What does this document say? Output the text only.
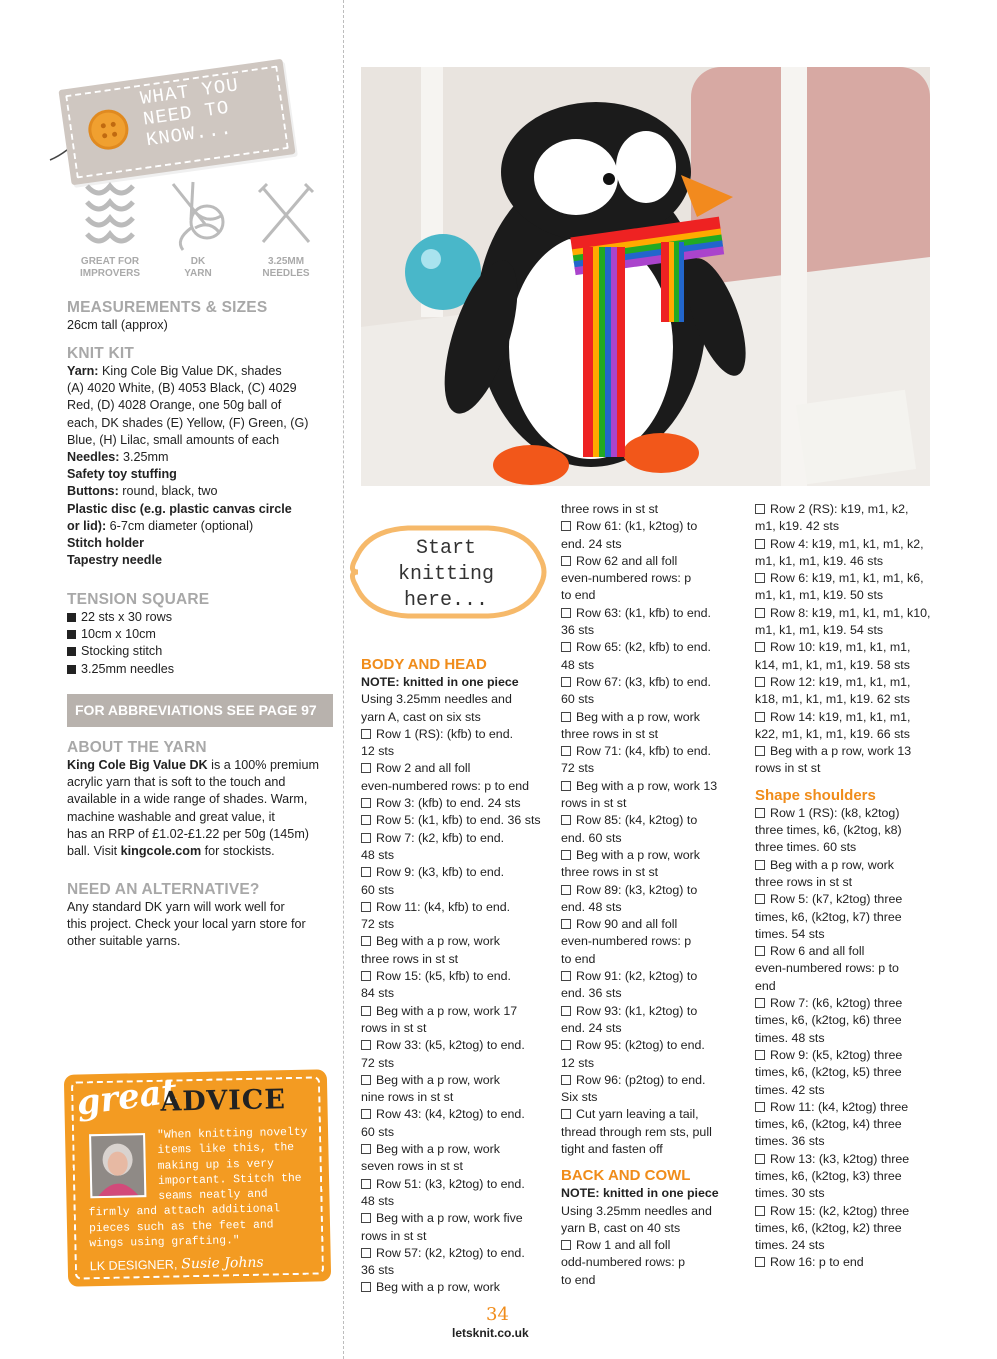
WHAT YOU
NEED TO
KNOW...
GREAT FOR
IMPROVERS
DK
YARN
3.25MM
NEEDLES
MEASUREMENTS & SIZES
26cm tall (approx)
KNIT KIT
Yarn: King Cole Big Value DK, shades
(A) 4020 White, (B) 4053 Black, (C) 4029
Red, (D) 4028 Orange, one 50g ball of
each, DK shades (E) Yellow, (F) Green, (G)
Blue, (H) Lilac, small amounts of each
Needles: 3.25mm
Safety toy stuffing
Buttons: round, black, two
Plastic disc (e.g. plastic canvas circle
or lid): 6-7cm diameter (optional)
Stitch holder
Tapestry needle
TENSION SQUARE
22 sts x 30 rows
10cm x 10cm
Stocking stitch
3.25mm needles
FOR ABBREVIATIONS SEE PAGE 97
ABOUT THE YARN
King Cole Big Value DK is a 100% premium
acrylic yarn that is soft to the touch and
available in a wide range of shades. Warm,
machine washable and great value, it
has an RRP of £1.02-£1.22 per 50g (145m)
ball. Visit kingcole.com for stockists.
NEED AN ALTERNATIVE?
Any standard DK yarn will work well for
this project. Check your local yarn store for
other suitable yarns.
great
ADVICE
"When knitting novelty
items like this, the
making up is very
important. Stitch the
seams neatly and
firmly and attach additional
pieces such as the feet and
wings using grafting."
LK DESIGNER, Susie Johns
Start
knitting
here...
BODY AND HEAD
NOTE: knitted in one piece
Using 3.25mm needles and
yarn A, cast on six sts
Row 1 (RS): (kfb) to end.
12 sts
Row 2 and all foll
even-numbered rows: p to end
Row 3: (kfb) to end. 24 sts
Row 5: (k1, kfb) to end. 36 sts
Row 7: (k2, kfb) to end.
48 sts
Row 9: (k3, kfb) to end.
60 sts
Row 11: (k4, kfb) to end.
72 sts
Beg with a p row, work
three rows in st st
Row 15: (k5, kfb) to end.
84 sts
Beg with a p row, work 17
rows in st st
Row 33: (k5, k2tog) to end.
72 sts
Beg with a p row, work
nine rows in st st
Row 43: (k4, k2tog) to end.
60 sts
Beg with a p row, work
seven rows in st st
Row 51: (k3, k2tog) to end.
48 sts
Beg with a p row, work five
rows in st st
Row 57: (k2, k2tog) to end.
36 sts
Beg with a p row, work
three rows in st st
Row 61: (k1, k2tog) to
end. 24 sts
Row 62 and all foll
even-numbered rows: p
to end
Row 63: (k1, kfb) to end.
36 sts
Row 65: (k2, kfb) to end.
48 sts
Row 67: (k3, kfb) to end.
60 sts
Beg with a p row, work
three rows in st st
Row 71: (k4, kfb) to end.
72 sts
Beg with a p row, work 13
rows in st st
Row 85: (k4, k2tog) to
end. 60 sts
Beg with a p row, work
three rows in st st
Row 89: (k3, k2tog) to
end. 48 sts
Row 90 and all foll
even-numbered rows: p
to end
Row 91: (k2, k2tog) to
end. 36 sts
Row 93: (k1, k2tog) to
end. 24 sts
Row 95: (k2tog) to end.
12 sts
Row 96: (p2tog) to end.
Six sts
Cut yarn leaving a tail,
thread through rem sts, pull
tight and fasten off
BACK AND COWL
NOTE: knitted in one piece
Using 3.25mm needles and
yarn B, cast on 40 sts
Row 1 and all foll
odd-numbered rows: p
to end
Row 2 (RS): k19, m1, k2,
m1, k19. 42 sts
Row 4: k19, m1, k1, m1, k2,
m1, k1, m1, k19. 46 sts
Row 6: k19, m1, k1, m1, k6,
m1, k1, m1, k19. 50 sts
Row 8: k19, m1, k1, m1, k10,
m1, k1, m1, k19. 54 sts
Row 10: k19, m1, k1, m1,
k14, m1, k1, m1, k19. 58 sts
Row 12: k19, m1, k1, m1,
k18, m1, k1, m1, k19. 62 sts
Row 14: k19, m1, k1, m1,
k22, m1, k1, m1, k19. 66 sts
Beg with a p row, work 13
rows in st st
Shape shoulders
Row 1 (RS): (k8, k2tog)
three times, k6, (k2tog, k8)
three times. 60 sts
Beg with a p row, work
three rows in st st
Row 5: (k7, k2tog) three
times, k6, (k2tog, k7) three
times. 54 sts
Row 6 and all foll
even-numbered rows: p to
end
Row 7: (k6, k2tog) three
times, k6, (k2tog, k6) three
times. 48 sts
Row 9: (k5, k2tog) three
times, k6, (k2tog, k5) three
times. 42 sts
Row 11: (k4, k2tog) three
times, k6, (k2tog, k4) three
times. 36 sts
Row 13: (k3, k2tog) three
times, k6, (k2tog, k3) three
times. 30 sts
Row 15: (k2, k2tog) three
times, k6, (k2tog, k2) three
times. 24 sts
Row 16: p to end
34
letsknit.co.uk
